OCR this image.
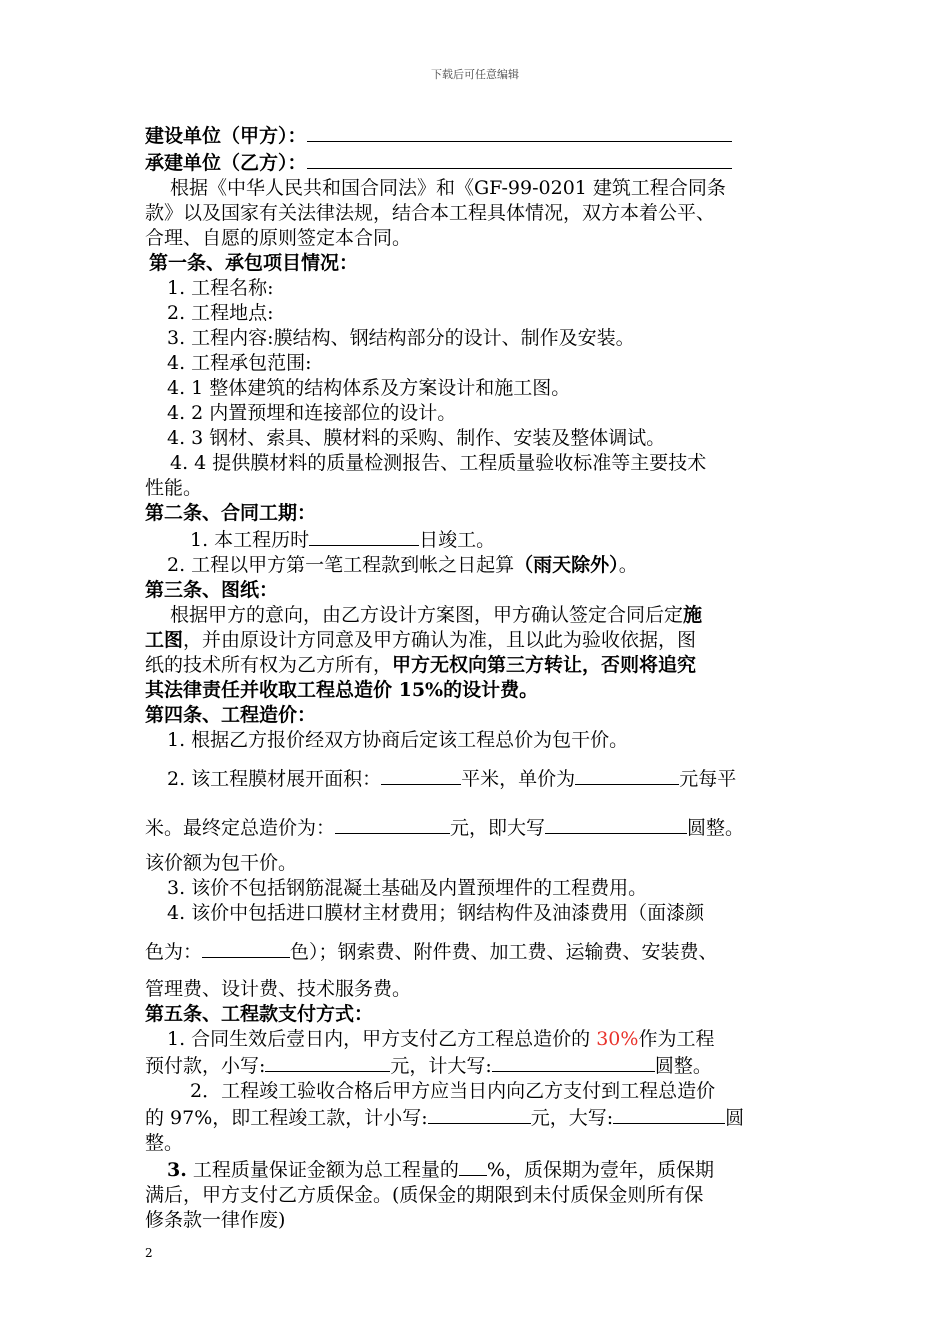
下载后可任意编辑
建设单位（甲方）：
承建单位（乙方）：
根据《中华人民共和国合同法》和《GF-99-0201 建筑工程合同条
款》以及国家有关法律法规，结合本工程具体情况，双方本着公平、
合理、自愿的原则签定本合同。
第一条、承包项目情况：
1. 工程名称:
2. 工程地点:
3. 工程内容:膜结构、钢结构部分的设计、制作及安装。
4. 工程承包范围:
4. 1 整体建筑的结构体系及方案设计和施工图。
4. 2 内置预埋和连接部位的设计。
4. 3 钢材、索具、膜材料的采购、制作、安装及整体调试。
4. 4 提供膜材料的质量检测报告、工程质量验收标准等主要技术
性能。
第二条、合同工期：
1. 本工程历时	日竣工。
2. 工程以甲方第一笔工程款到帐之日起算（雨天除外）。
第三条、图纸：
根据甲方的意向，由乙方设计方案图，甲方确认签定合同后定施
工图，并由原设计方同意及甲方确认为准，且以此为验收依据，图
纸的技术所有权为乙方所有，甲方无权向第三方转让，否则将追究
其法律责任并收取工程总造价 15%的设计费。
第四条、工程造价：
1. 根据乙方报价经双方协商后定该工程总价为包干价。
2. 该工程膜材展开面积：	平米，单价为	元每平
米。最终定总造价为：	元，即大写	圆整。
该价额为包干价。
3. 该价不包括钢筋混凝土基础及内置预埋件的工程费用。
4. 该价中包括进口膜材主材费用；钢结构件及油漆费用（面漆颜
色为：	色）；钢索费、附件费、加工费、运输费、安装费、
管理费、设计费、技术服务费。
第五条、工程款支付方式：
1. 合同生效后壹日内，甲方支付乙方工程总造价的 30%作为工程
预付款，小写:	元，计大写:	圆整。
2．工程竣工验收合格后甲方应当日内向乙方支付到工程总造价
的 97%，即工程竣工款，计小写:	元，大写:	圆
整。
3. 工程质量保证金额为总工程量的 %，质保期为壹年，质保期
满后，甲方支付乙方质保金。(质保金的期限到未付质保金则所有保
修条款一律作废)
2
